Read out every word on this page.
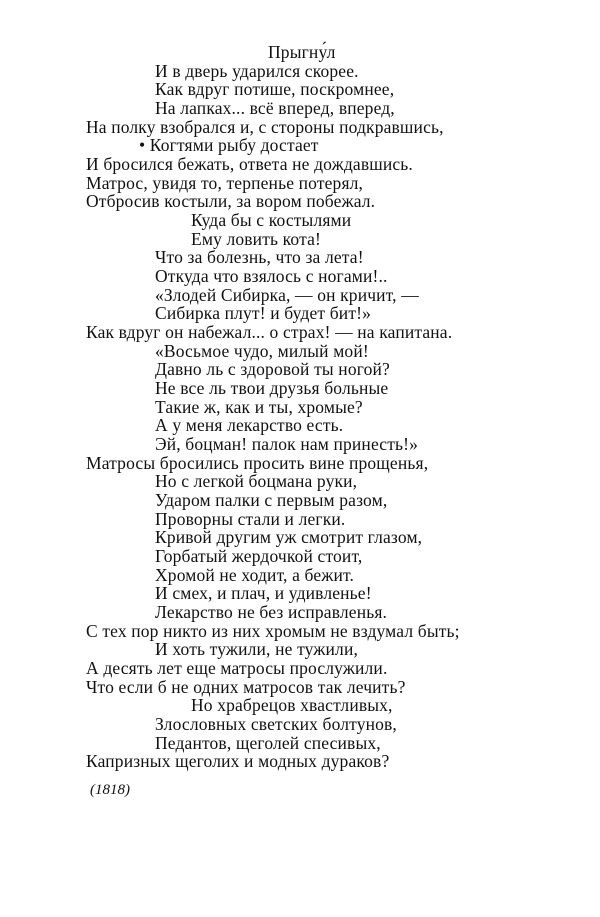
Прыгну́л
И в дверь ударился скорее.
Как вдруг потише, поскромнее,
На лапках... всё вперед, вперед,
На полку взобрался и, с стороны подкравшись,
• Когтями рыбу достает
И бросился бежать, ответа не дождавшись.
Матрос, увидя то, терпенье потерял,
Отбросив костыли, за вором побежал.
Куда бы с костылями
Ему ловить кота!
Что за болезнь, что за лета!
Откуда что взялось с ногами!..
«Злодей Сибирка, — он кричит, —
Сибирка плут! и будет бит!»
Как вдруг он набежал... о страх! — на капитана.
«Восьмое чудо, милый мой!
Давно ль с здоровой ты ногой?
Не все ль твои друзья больные
Такие ж, как и ты, хромые?
А у меня лекарство есть.
Эй, боцман! палок нам принесть!»
Матросы бросились просить вине прощенья,
Но с легкой боцмана руки,
Ударом палки с первым разом,
Проворны стали и легки.
Кривой другим уж смотрит глазом,
Горбатый жердочкой стоит,
Хромой не ходит, а бежит.
И смех, и плач, и удивленье!
Лекарство не без исправленья.
С тех пор никто из них хромым не вздумал быть;
И хоть тужили, не тужили,
А десять лет еще матросы прослужили.
Что если б не одних матросов так лечить?
Но храбрецов хвастливых,
Злословных светских болтунов,
Педантов, щеголей спесивых,
Капризных щеголих и модных дураков?
(1818)
